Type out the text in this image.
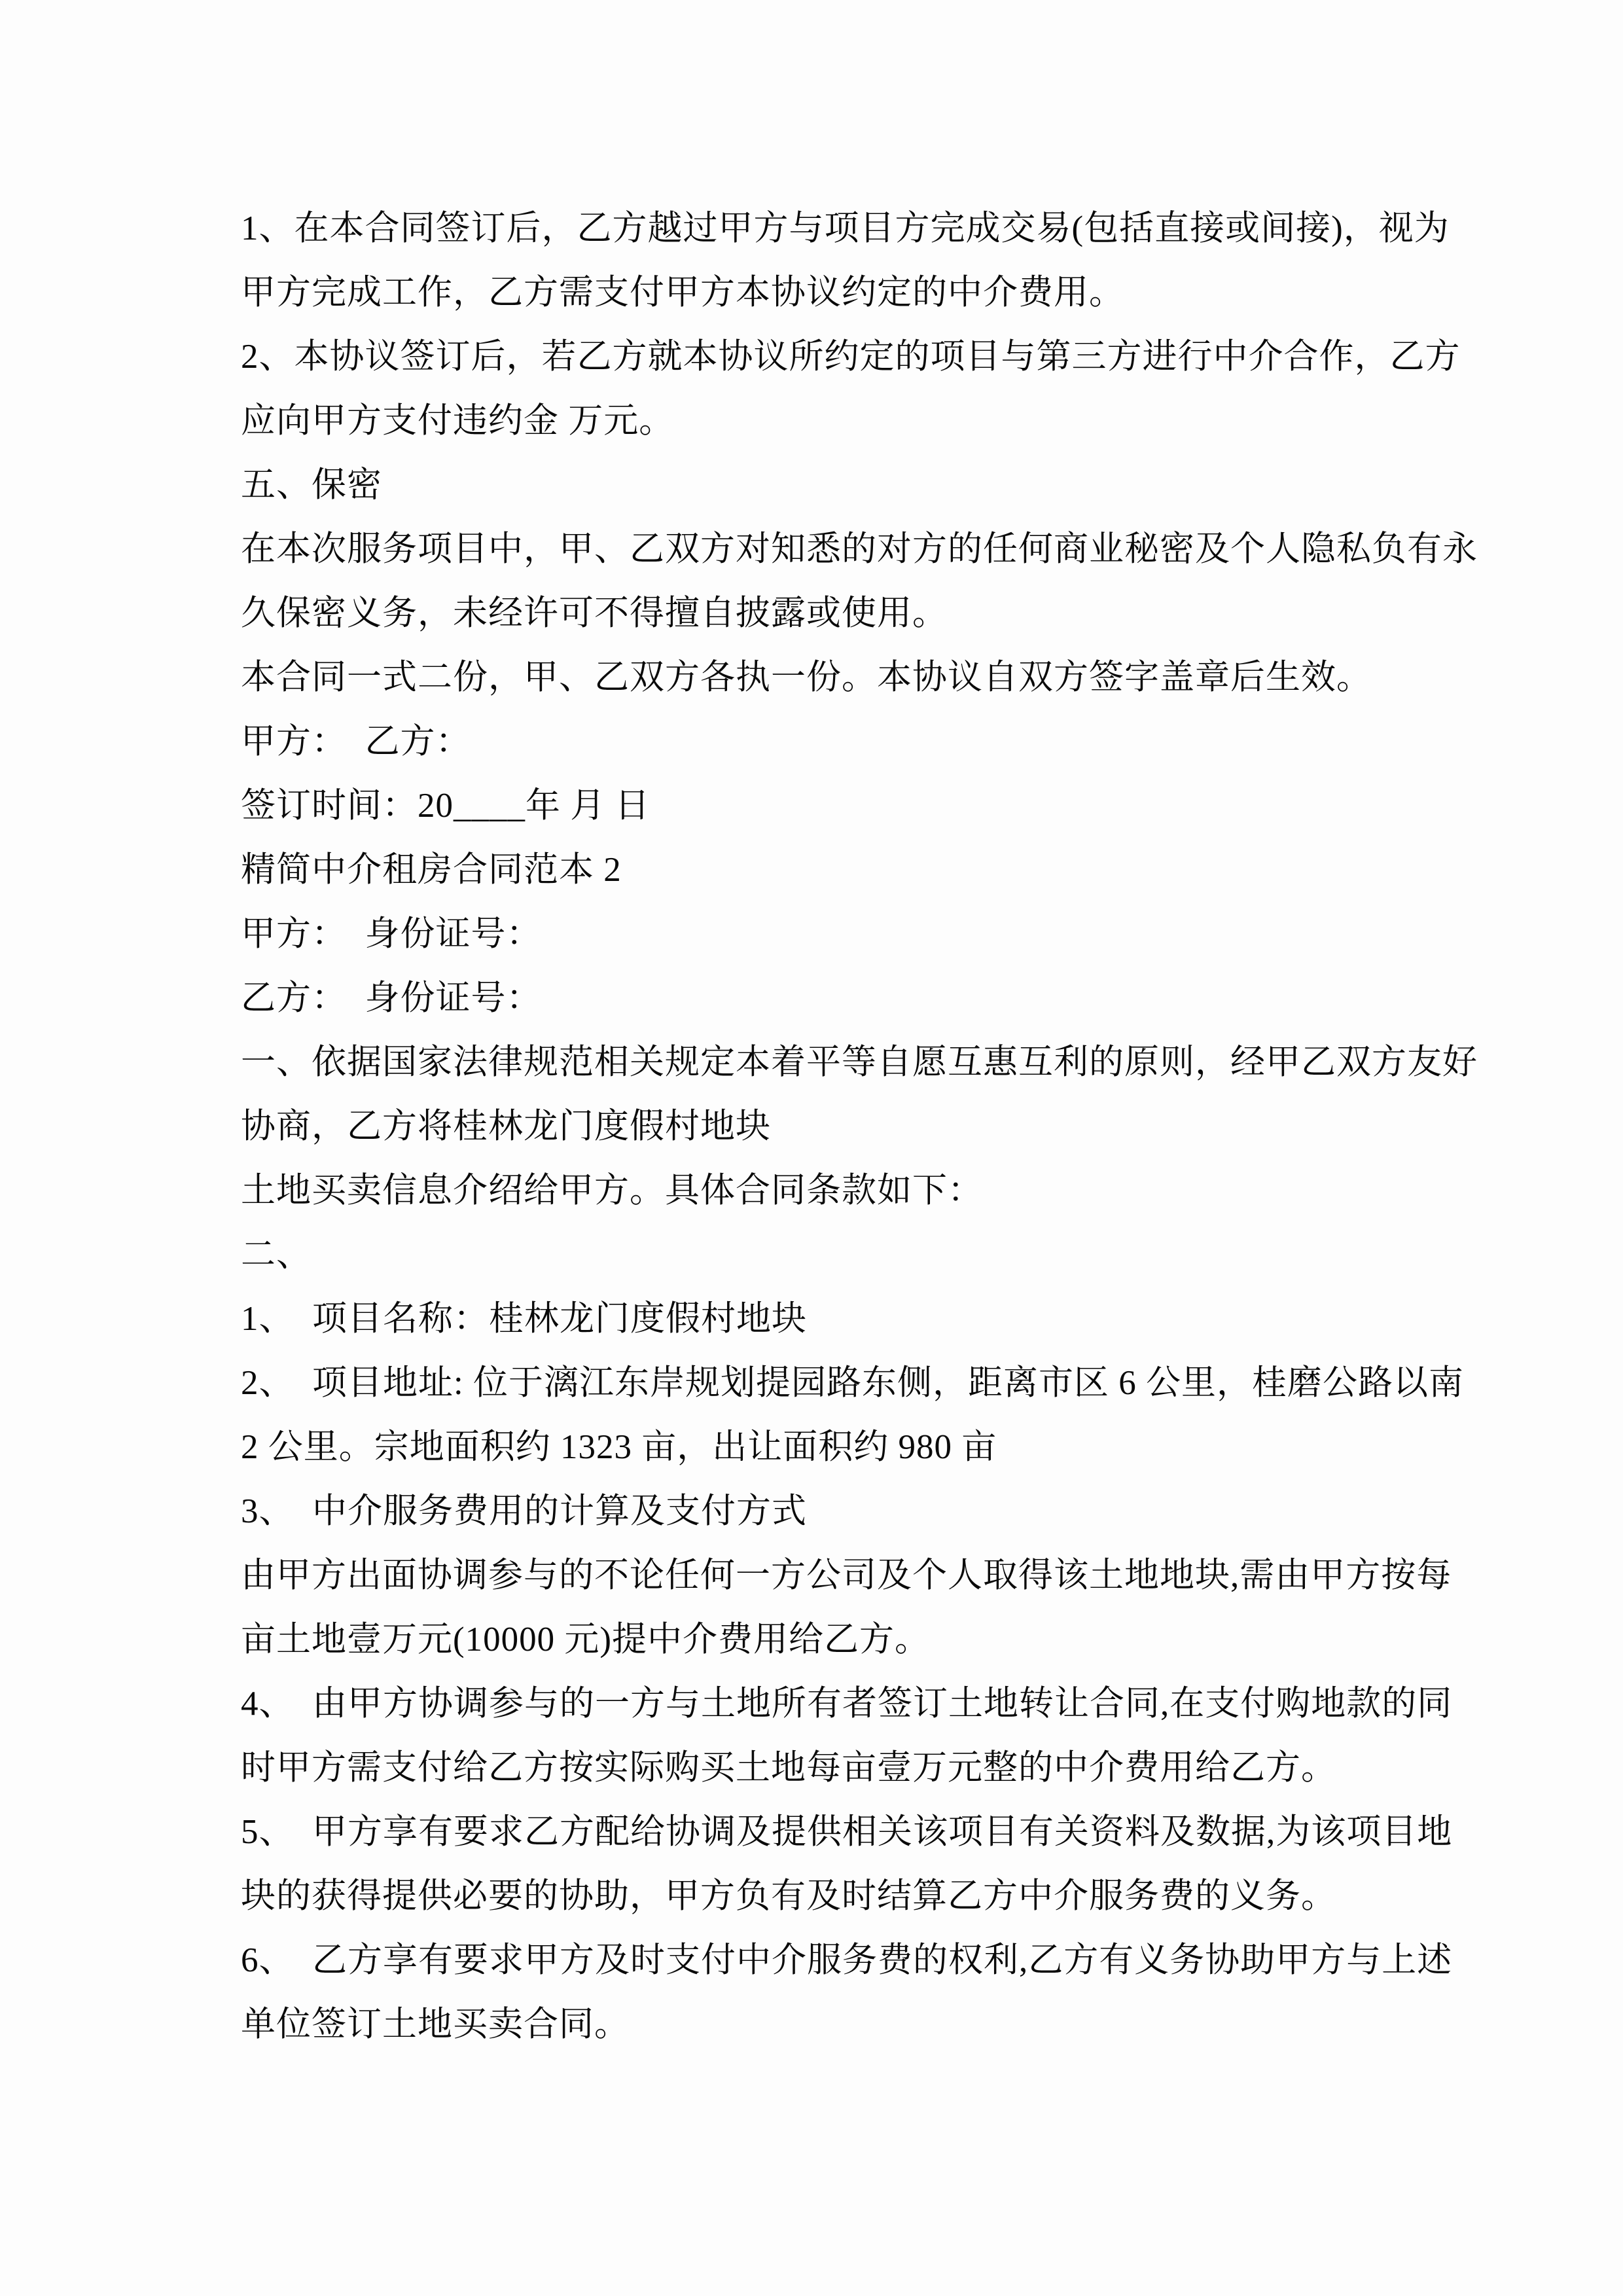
1、在本合同签订后，乙方越过甲方与项目方完成交易(包括直接或间接)，视为
甲方完成工作，乙方需支付甲方本协议约定的中介费用。
2、本协议签订后，若乙方就本协议所约定的项目与第三方进行中介合作，乙方
应向甲方支付违约金 万元。
五、保密
在本次服务项目中，甲、乙双方对知悉的对方的任何商业秘密及个人隐私负有永
久保密义务，未经许可不得擅自披露或使用。
本合同一式二份，甲、乙双方各执一份。本协议自双方签字盖章后生效。
甲方：　乙方：
签订时间：20____年 月 日
精简中介租房合同范本 2
甲方：　身份证号：
乙方：　身份证号：
一、依据国家法律规范相关规定本着平等自愿互惠互利的原则，经甲乙双方友好
协商，乙方将桂林龙门度假村地块
土地买卖信息介绍给甲方。具体合同条款如下：
二、
1、　项目名称：桂林龙门度假村地块
2、　项目地址: 位于漓江东岸规划提园路东侧，距离市区 6 公里，桂磨公路以南
2 公里。宗地面积约 1323 亩，出让面积约 980 亩
3、　中介服务费用的计算及支付方式
由甲方出面协调参与的不论任何一方公司及个人取得该土地地块,需由甲方按每
亩土地壹万元(10000 元)提中介费用给乙方。
4、　由甲方协调参与的一方与土地所有者签订土地转让合同,在支付购地款的同
时甲方需支付给乙方按实际购买土地每亩壹万元整的中介费用给乙方。
5、　甲方享有要求乙方配给协调及提供相关该项目有关资料及数据,为该项目地
块的获得提供必要的协助，甲方负有及时结算乙方中介服务费的义务。
6、　乙方享有要求甲方及时支付中介服务费的权利,乙方有义务协助甲方与上述
单位签订土地买卖合同。
